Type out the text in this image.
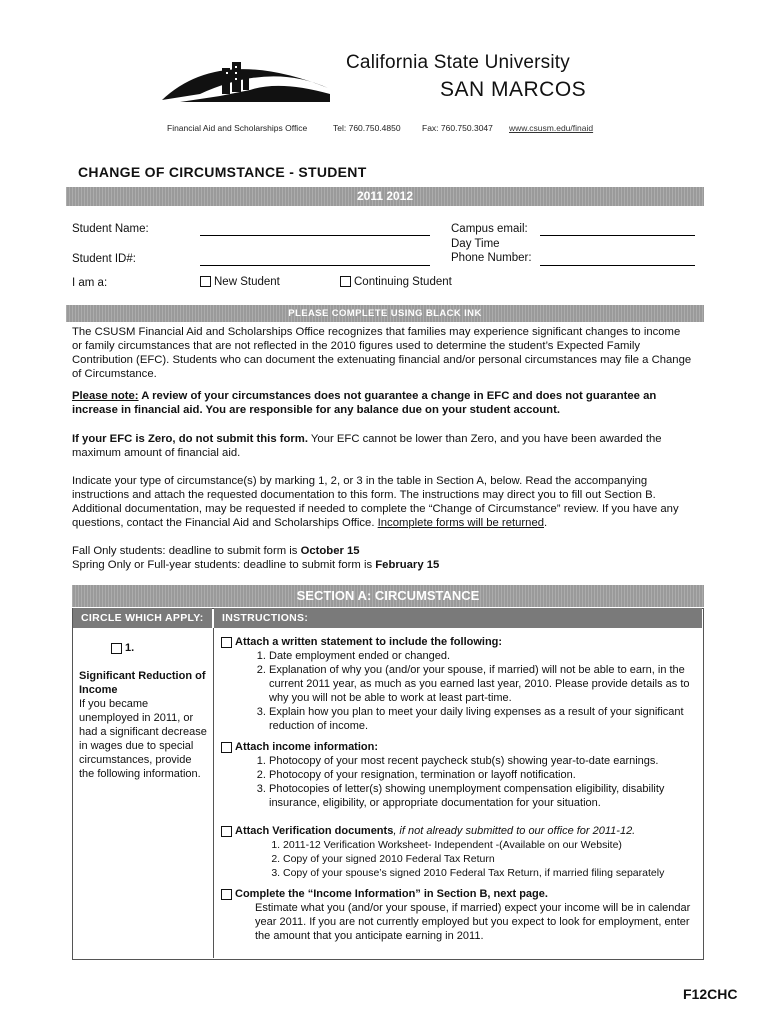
California State University
SAN MARCOS
Financial Aid and Scholarships Office	Tel: 760.750.4850	Fax: 760.750.3047 www.csusm.edu/finaid
CHANGE OF CIRCUMSTANCE - STUDENT
2011 2012
Student Name:
Student ID#:
Campus email:
Day Time
Phone Number:
I am a:	New Student	Continuing Student
PLEASE COMPLETE USING BLACK INK
The CSUSM Financial Aid and Scholarships Office recognizes that families may experience significant changes to income or family circumstances that are not reflected in the 2010 figures used to determine the student’s Expected Family Contribution (EFC). Students who can document the extenuating financial and/or personal circumstances may file a Change of Circumstance.
Please note: A review of your circumstances does not guarantee a change in EFC and does not guarantee an increase in financial aid. You are responsible for any balance due on your student account.
If your EFC is Zero, do not submit this form. Your EFC cannot be lower than Zero, and you have been awarded the maximum amount of financial aid.
Indicate your type of circumstance(s) by marking 1, 2, or 3 in the table in Section A, below. Read the accompanying instructions and attach the requested documentation to this form. The instructions may direct you to fill out Section B. Additional documentation, may be requested if needed to complete the “Change of Circumstance” review. If you have any questions, contact the Financial Aid and Scholarships Office. Incomplete forms will be returned.
Fall Only students: deadline to submit form is October 15
Spring Only or Full-year students: deadline to submit form is February 15
SECTION A: CIRCUMSTANCE
CIRCLE WHICH APPLY:	INSTRUCTIONS:
1.
Significant Reduction of Income
If you became unemployed in 2011, or had a significant decrease in wages due to special circumstances, provide the following information.
Attach a written statement to include the following:
1. Date employment ended or changed.
2. Explanation of why you (and/or your spouse, if married) will not be able to earn, in the current 2011 year, as much as you earned last year, 2010. Please provide details as to why you will not be able to work at least part-time.
3. Explain how you plan to meet your daily living expenses as a result of your significant reduction of income.
Attach income information:
1. Photocopy of your most recent paycheck stub(s) showing year-to-date earnings.
2. Photocopy of your resignation, termination or layoff notification.
3. Photocopies of letter(s) showing unemployment compensation eligibility, disability insurance, eligibility, or appropriate documentation for your situation.
Attach Verification documents, if not already submitted to our office for 2011-12.
1. 2011-12 Verification Worksheet- Independent -(Available on our Website)
2. Copy of your signed 2010 Federal Tax Return
3. Copy of your spouse’s signed 2010 Federal Tax Return, if married filing separately
Complete the “Income Information” in Section B, next page.
Estimate what you (and/or your spouse, if married) expect your income will be in calendar year 2011. If you are not currently employed but you expect to look for employment, enter the amount that you anticipate earning in 2011.
F12CHC
